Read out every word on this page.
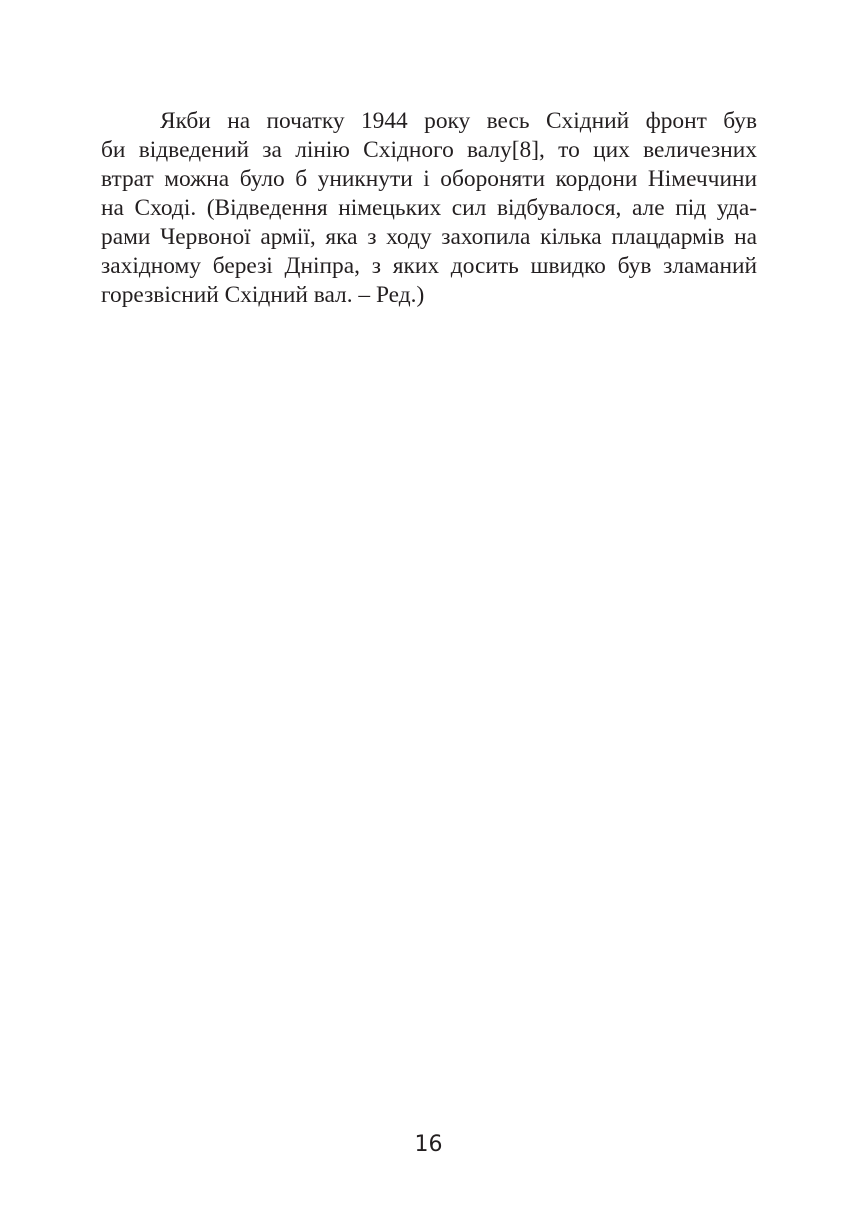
Якби на початку 1944 року весь Східний фронт був
би відведений за лінію Східного валу[8], то цих величезних
втрат можна було б уникнути і обороняти кордони Німеччини
на Сході. (Відведення німецьких сил відбувалося, але під уда-
рами Червоної армії, яка з ходу захопила кілька плацдармів на
західному березі Дніпра, з яких досить швидко був зламаний
горезвісний Східний вал. – Ред.)
16
